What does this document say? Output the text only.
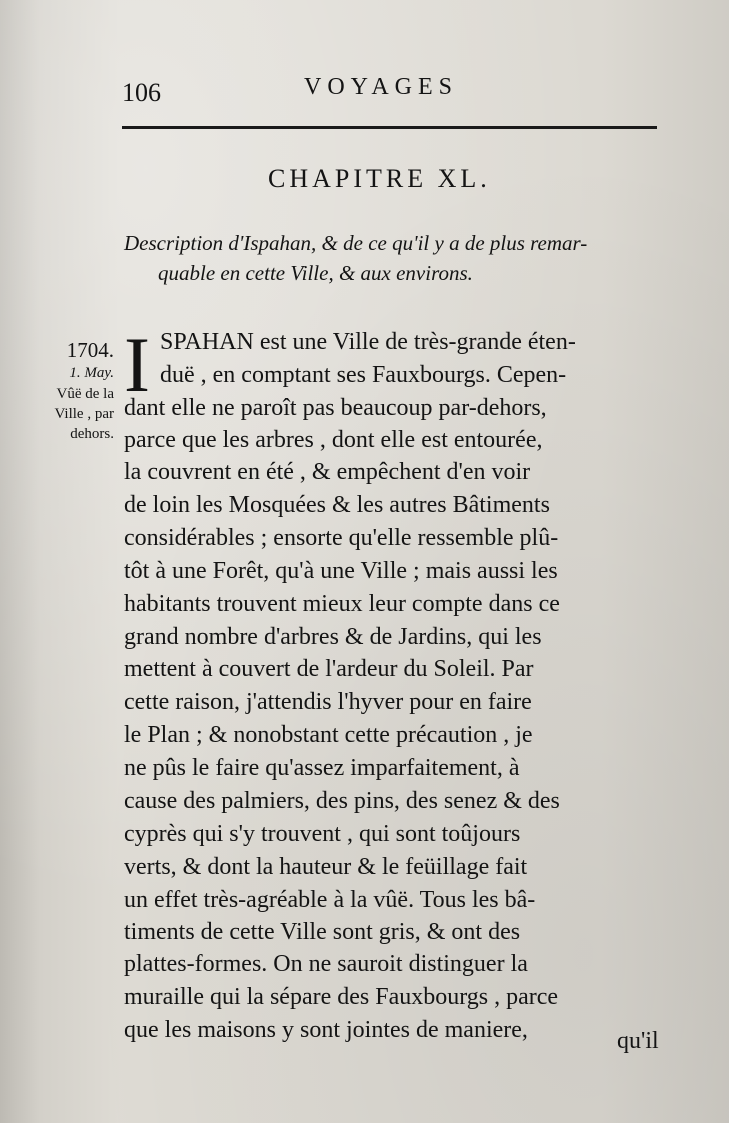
106	VOYAGES
CHAPITRE XL.
Description d'Ispahan, & de ce qu'il y a de plus remar-
quable en cette Ville, & aux environs.
1704.
1. May.
Vûë de la
Ville , par
dehors.
I SPAHAN est une Ville de très-grande éten-
duë , en comptant ses Fauxbourgs. Cepen-
dant elle ne paroît pas beaucoup par-dehors,
parce que les arbres , dont elle est entourée,
la couvrent en été , & empêchent d'en voir
de loin les Mosquées & les autres Bâtiments
considérables ; ensorte qu'elle ressemble plû-
tôt à une Forêt, qu'à une Ville ; mais aussi les
habitants trouvent mieux leur compte dans ce
grand nombre d'arbres & de Jardins, qui les
mettent à couvert de l'ardeur du Soleil. Par
cette raison, j'attendis l'hyver pour en faire
le Plan ; & nonobstant cette précaution , je
ne pûs le faire qu'assez imparfaitement, à
cause des palmiers, des pins, des senez & des
cyprès qui s'y trouvent , qui sont toûjours
verts, & dont la hauteur & le feüillage fait
un effet très-agréable à la vûë. Tous les bâ-
timents de cette Ville sont gris, & ont des
plattes-formes. On ne sauroit distinguer la
muraille qui la sépare des Fauxbourgs , parce
que les maisons y sont jointes de maniere,	qu'il
